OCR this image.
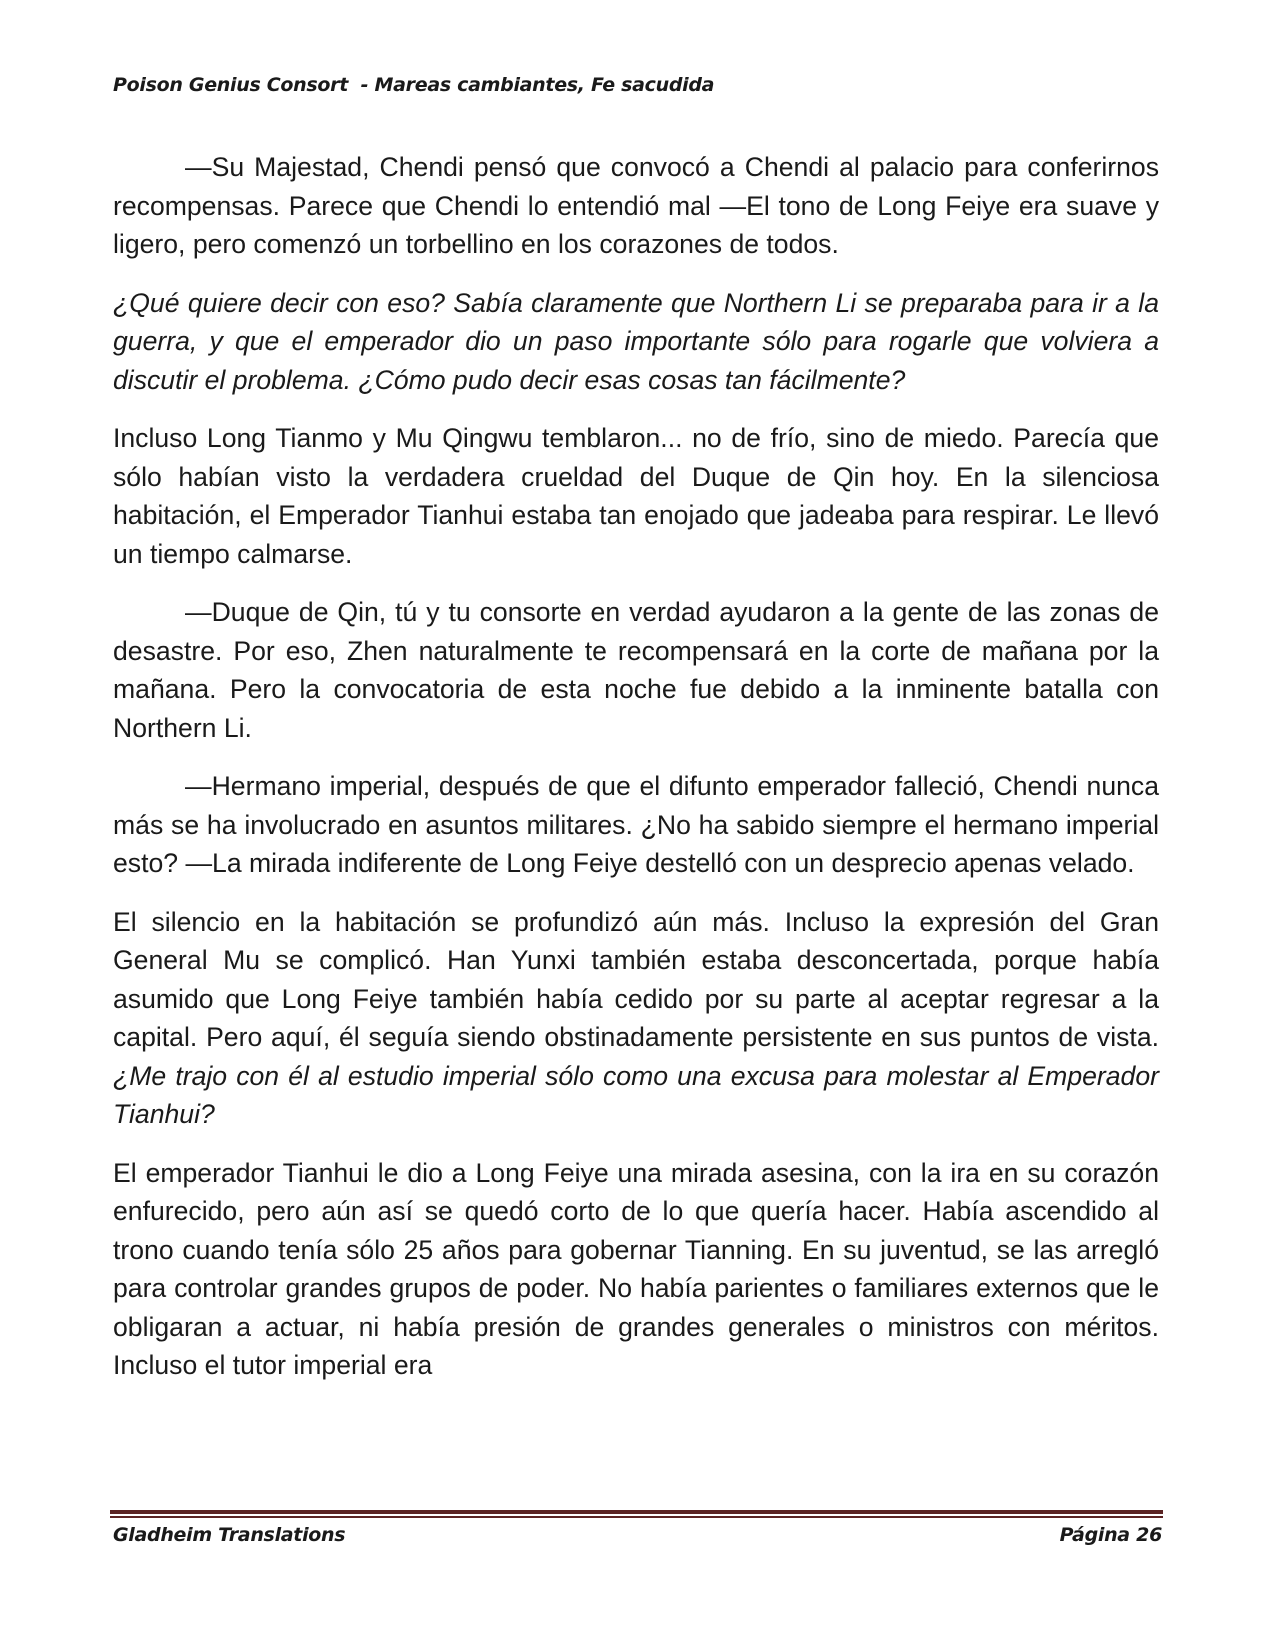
Poison Genius Consort  - Mareas cambiantes, Fe sacudida

—Su Majestad, Chendi pensó que convocó a Chendi al palacio para conferirnos recompensas. Parece que Chendi lo entendió mal —El tono de Long Feiye era suave y ligero, pero comenzó un torbellino en los corazones de todos.

¿Qué quiere decir con eso? Sabía claramente que Northern Li se preparaba para ir a la guerra, y que el emperador dio un paso importante sólo para rogarle que volviera a discutir el problema. ¿Cómo pudo decir esas cosas tan fácilmente?

Incluso Long Tianmo y Mu Qingwu temblaron... no de frío, sino de miedo. Parecía que sólo habían visto la verdadera crueldad del Duque de Qin hoy. En la silenciosa habitación, el Emperador Tianhui estaba tan enojado que jadeaba para respirar. Le llevó un tiempo calmarse.

—Duque de Qin, tú y tu consorte en verdad ayudaron a la gente de las zonas de desastre. Por eso, Zhen naturalmente te recompensará en la corte de mañana por la mañana. Pero la convocatoria de esta noche fue debido a la inminente batalla con Northern Li.

—Hermano imperial, después de que el difunto emperador falleció, Chendi nunca más se ha involucrado en asuntos militares. ¿No ha sabido siempre el hermano imperial esto? —La mirada indiferente de Long Feiye destelló con un desprecio apenas velado.

El silencio en la habitación se profundizó aún más. Incluso la expresión del Gran General Mu se complicó. Han Yunxi también estaba desconcertada, porque había asumido que Long Feiye también había cedido por su parte al aceptar regresar a la capital. Pero aquí, él seguía siendo obstinadamente persistente en sus puntos de vista. ¿Me trajo con él al estudio imperial sólo como una excusa para molestar al Emperador Tianhui?

El emperador Tianhui le dio a Long Feiye una mirada asesina, con la ira en su corazón enfurecido, pero aún así se quedó corto de lo que quería hacer. Había ascendido al trono cuando tenía sólo 25 años para gobernar Tianning. En su juventud, se las arregló para controlar grandes grupos de poder. No había parientes o familiares externos que le obligaran a actuar, ni había presión de grandes generales o ministros con méritos. Incluso el tutor imperial era

Gladheim Translations	Página 26
